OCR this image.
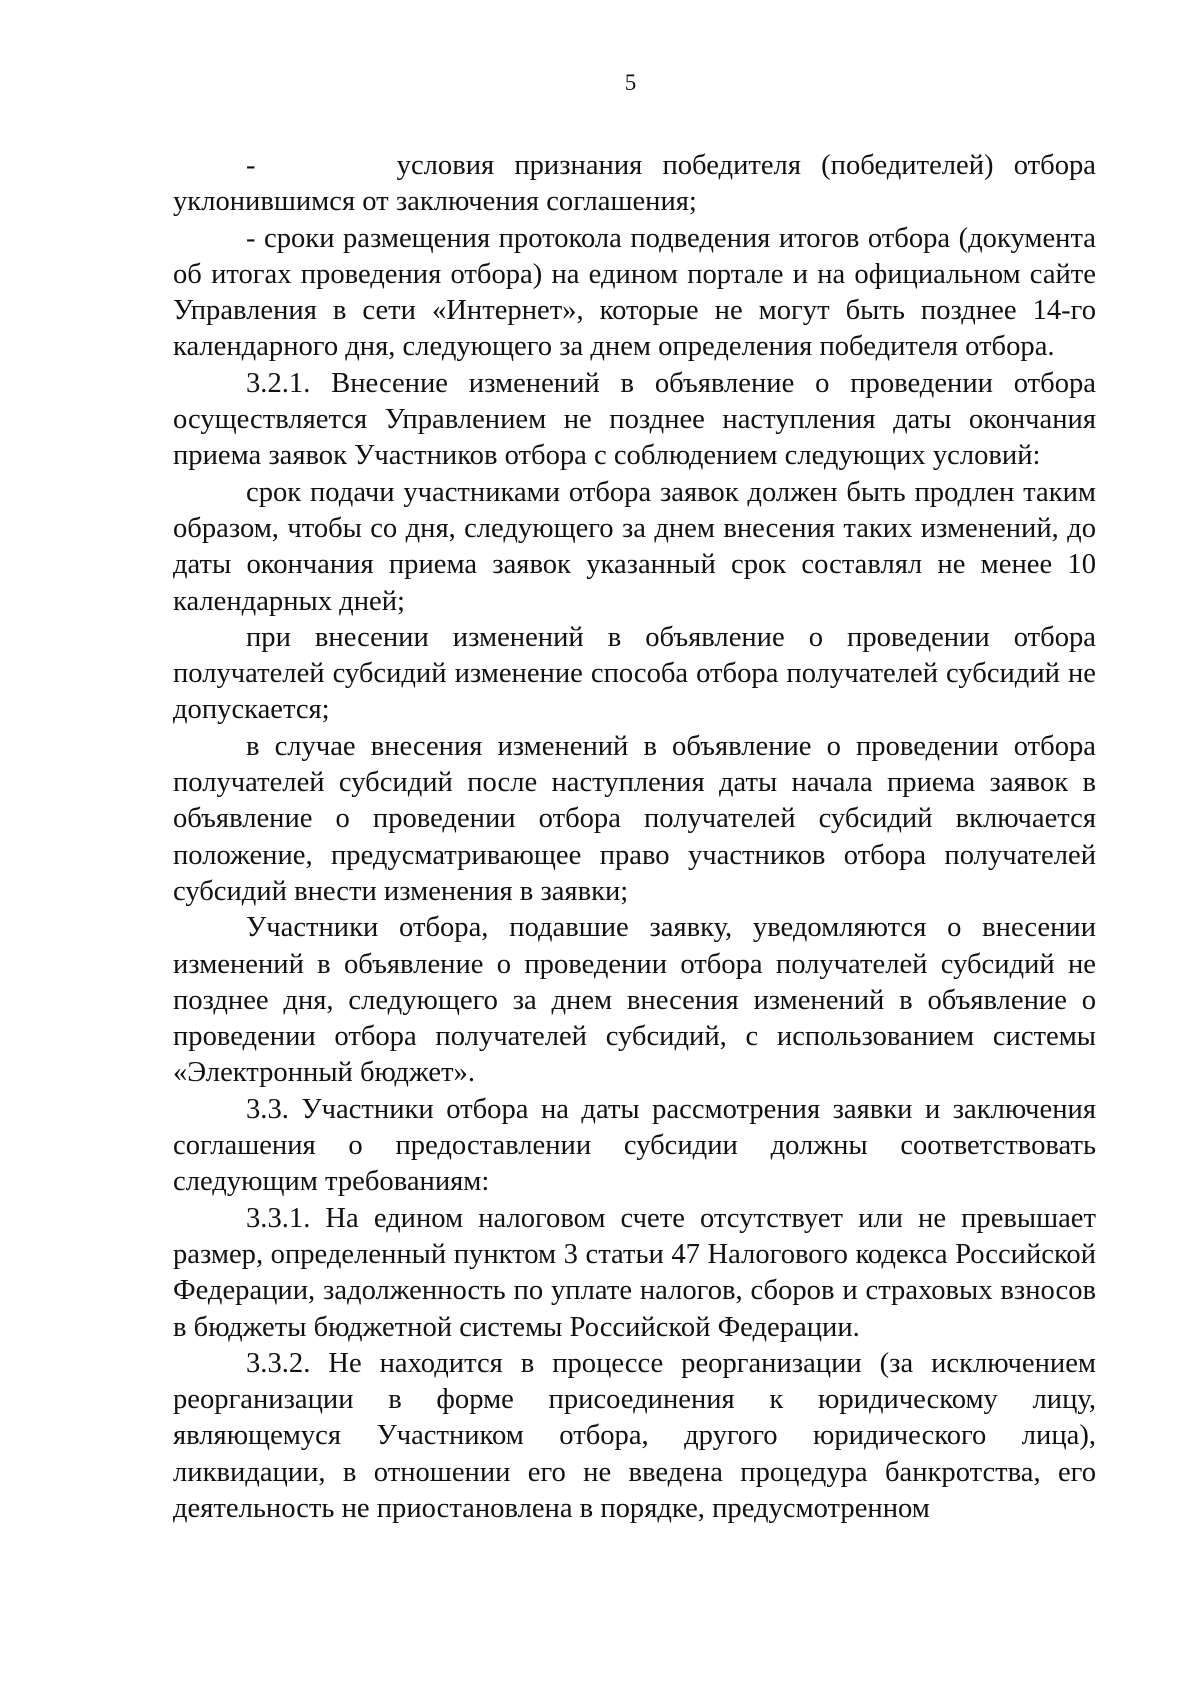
5

-       условия признания победителя (победителей) отбора уклонившимся от заключения соглашения;

- сроки размещения протокола подведения итогов отбора (документа об итогах проведения отбора) на едином портале и на официальном сайте Управления в сети «Интернет», которые не могут быть позднее 14-го календарного дня, следующего за днем определения победителя отбора.

3.2.1. Внесение изменений в объявление о проведении отбора осуществляется Управлением не позднее наступления даты окончания приема заявок Участников отбора с соблюдением следующих условий:

срок подачи участниками отбора заявок должен быть продлен таким образом, чтобы со дня, следующего за днем внесения таких изменений, до даты окончания приема заявок указанный срок составлял не менее 10 календарных дней;

при внесении изменений в объявление о проведении отбора получателей субсидий изменение способа отбора получателей субсидий не допускается;

в случае внесения изменений в объявление о проведении отбора получателей субсидий после наступления даты начала приема заявок в объявление о проведении отбора получателей субсидий включается положение, предусматривающее право участников отбора получателей субсидий внести изменения в заявки;

Участники отбора, подавшие заявку, уведомляются о внесении изменений в объявление о проведении отбора получателей субсидий не позднее дня, следующего за днем внесения изменений в объявление о проведении отбора получателей субсидий, с использованием системы «Электронный бюджет».

3.3. Участники отбора на даты рассмотрения заявки и заключения соглашения о предоставлении субсидии должны соответствовать следующим требованиям:

3.3.1. На едином налоговом счете отсутствует или не превышает размер, определенный пунктом 3 статьи 47 Налогового кодекса Российской Федерации, задолженность по уплате налогов, сборов и страховых взносов в бюджеты бюджетной системы Российской Федерации.

3.3.2. Не находится в процессе реорганизации (за исключением реорганизации в форме присоединения к юридическому лицу, являющемуся Участником отбора, другого юридического лица), ликвидации, в отношении его не введена процедура банкротства, его деятельность не приостановлена в порядке, предусмотренном
